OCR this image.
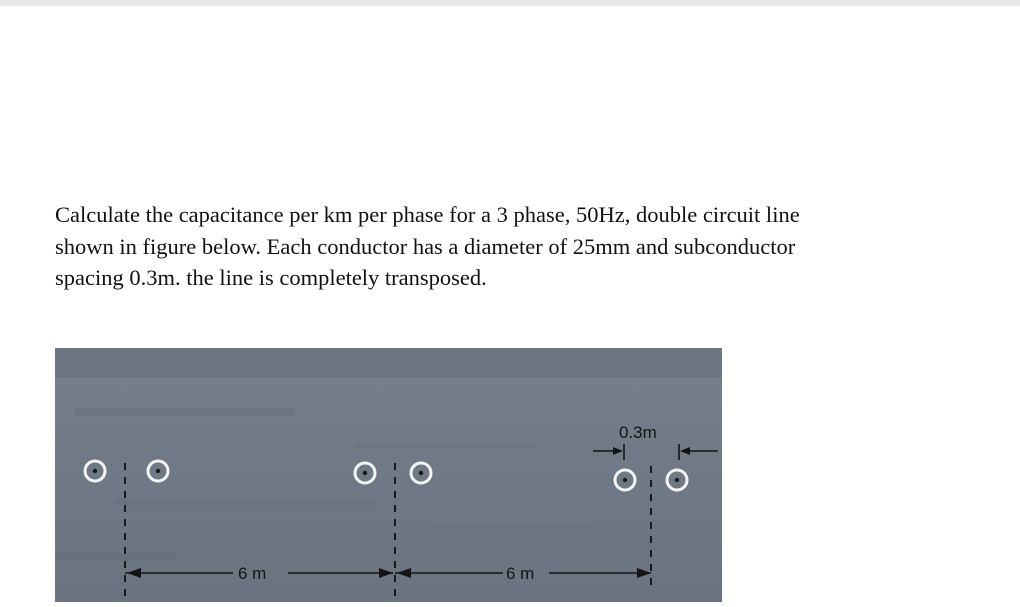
Calculate the capacitance per km per phase for a 3 phase, 50Hz, double circuit line
shown in figure below. Each conductor has a diameter of 25mm and subconductor
spacing 0.3m. the line is completely transposed.
0.3m
6 m	6 m
